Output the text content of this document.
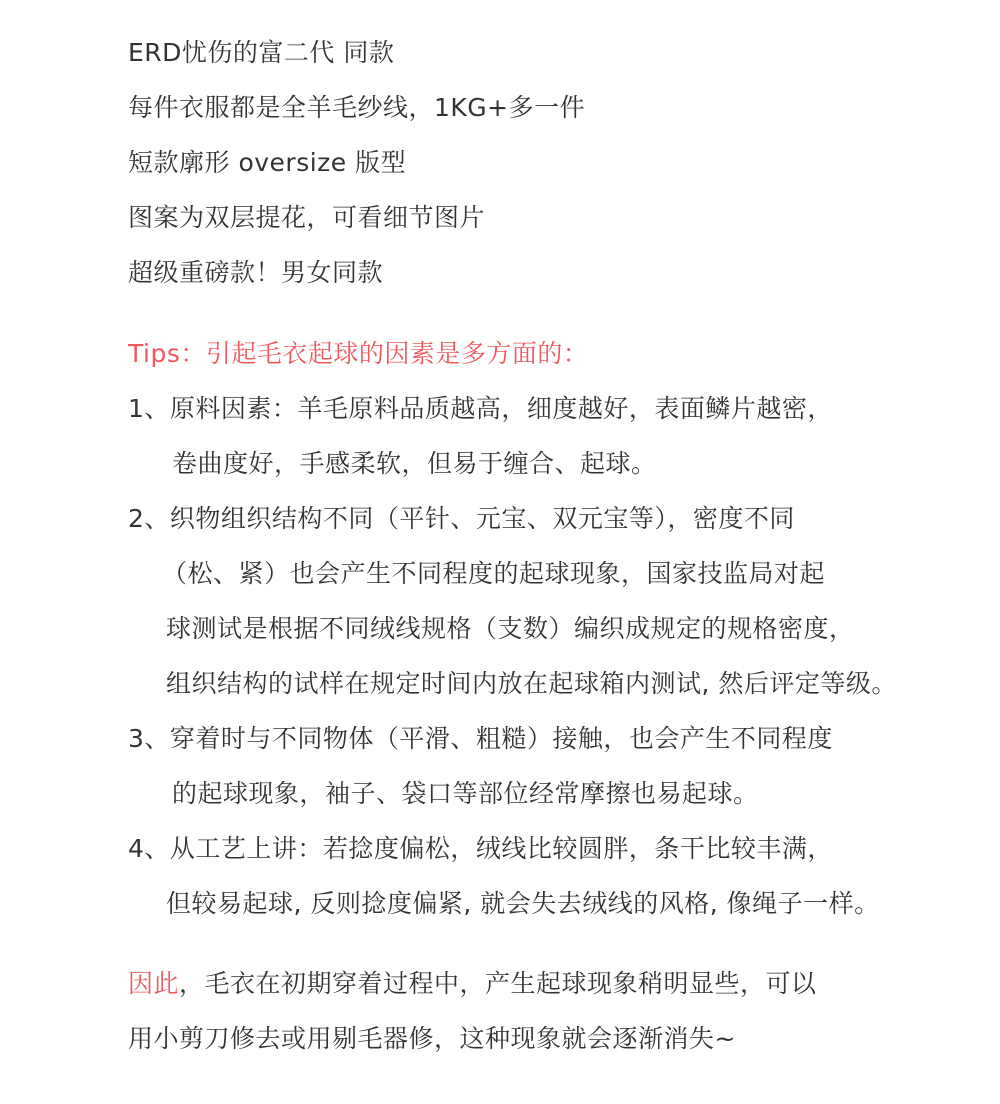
ERD忧伤的富二代 同款
每件衣服都是全羊毛纱线，1KG+多一件
短款廓形 oversize 版型
图案为双层提花，可看细节图片
超级重磅款！男女同款
Tips：引起毛衣起球的因素是多方面的：
1、原料因素：羊毛原料品质越高，细度越好，表面鳞片越密，
卷曲度好，手感柔软，但易于缠合、起球。
2、织物组织结构不同（平针、元宝、双元宝等），密度不同
（松、紧）也会产生不同程度的起球现象，国家技监局对起
球测试是根据不同绒线规格（支数）编织成规定的规格密度，
组织结构的试样在规定时间内放在起球箱内测试, 然后评定等级。
3、穿着时与不同物体（平滑、粗糙）接触，也会产生不同程度
的起球现象，袖子、袋口等部位经常摩擦也易起球。
4、从工艺上讲：若捻度偏松，绒线比较圆胖，条干比较丰满，
但较易起球, 反则捻度偏紧, 就会失去绒线的风格, 像绳子一样。
因此，毛衣在初期穿着过程中，产生起球现象稍明显些，可以
用小剪刀修去或用剔毛器修，这种现象就会逐渐消失~
